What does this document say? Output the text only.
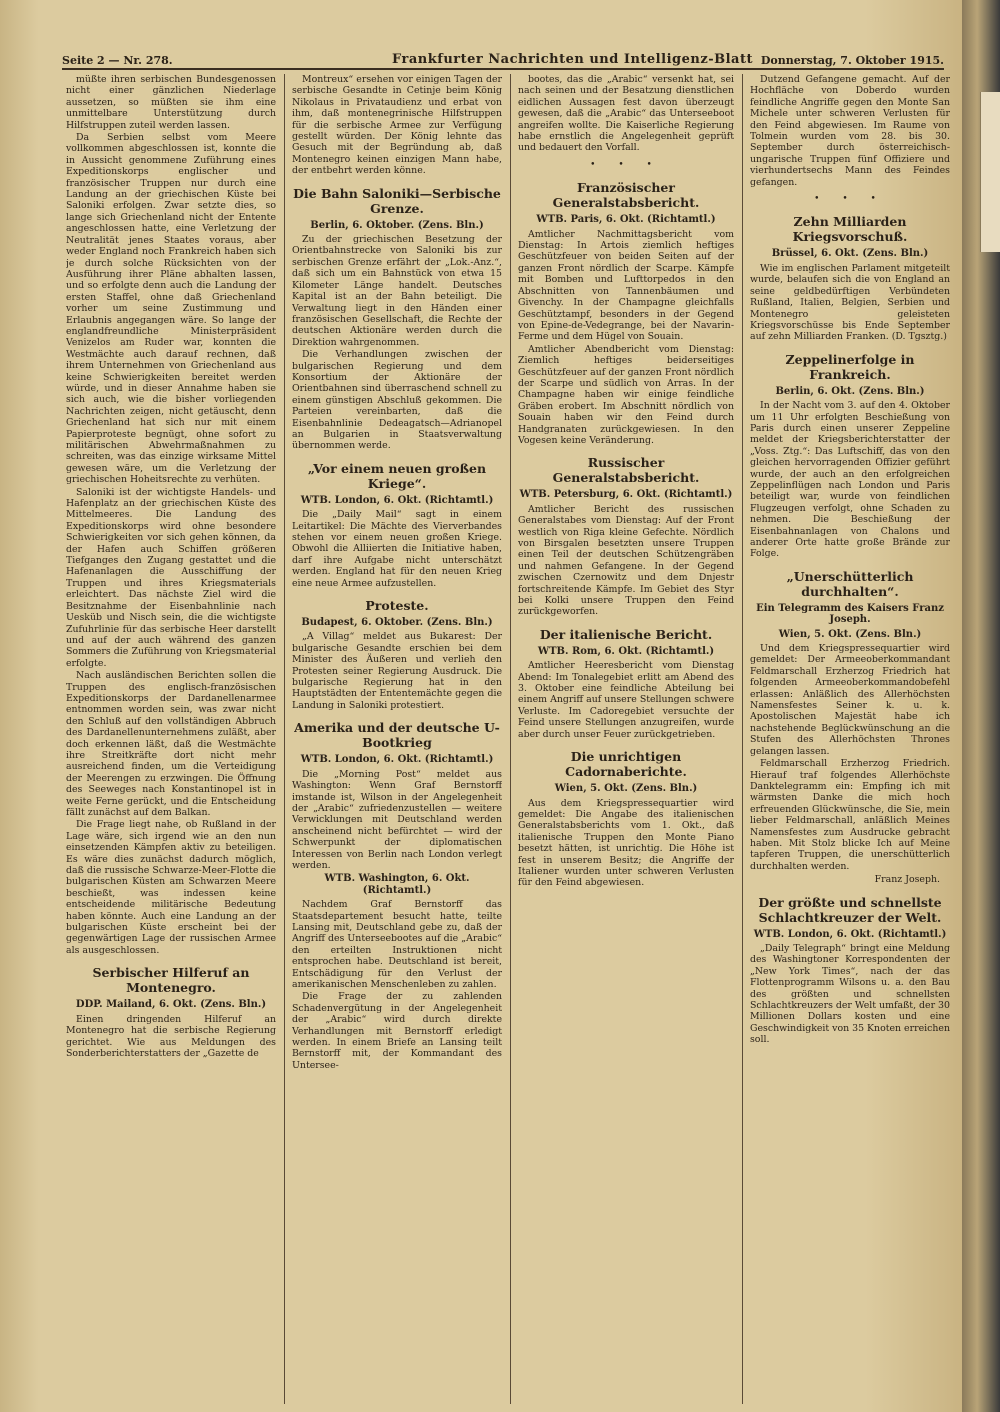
Seite 2 — Nr. 278.	Frankfurter Nachrichten und Intelligenz-Blatt Donnerstag, 7. Oktober 1915.

müßte ihren serbischen Bundesgenossen nicht einer gänzlichen Niederlage aussetzen, so müßten sie ihm eine unmittelbare Unterstützung durch Hilfstruppen zuteil werden lassen.

Da Serbien selbst vom Meere vollkommen abgeschlossen ist, konnte die in Aussicht genommene Zuführung eines Expeditionskorps englischer und französischer Truppen nur durch eine Landung an der griechischen Küste bei Saloniki erfolgen. Zwar setzte dies, so lange sich Griechenland nicht der Entente angeschlossen hatte, eine Verletzung der Neutralität jenes Staates voraus, aber weder England noch Frankreich haben sich je durch solche Rücksichten von der Ausführung ihrer Pläne abhalten lassen, und so erfolgte denn auch die Landung der ersten Staffel, ohne daß Griechenland vorher um seine Zustimmung und Erlaubnis angegangen wäre. So lange der englandfreundliche Ministerpräsident Venizelos am Ruder war, konnten die Westmächte auch darauf rechnen, daß ihrem Unternehmen von Griechenland aus keine Schwierigkeiten bereitet werden würde, und in dieser Annahme haben sie sich auch, wie die bisher vorliegenden Nachrichten zeigen, nicht getäuscht, denn Griechenland hat sich nur mit einem Papierproteste begnügt, ohne sofort zu militärischen Abwehrmaßnahmen zu schreiten, was das einzige wirksame Mittel gewesen wäre, um die Verletzung der griechischen Hoheitsrechte zu verhüten.

Saloniki ist der wichtigste Handels- und Hafenplatz an der griechischen Küste des Mittelmeeres. Die Landung des Expeditionskorps wird ohne besondere Schwierigkeiten vor sich gehen können, da der Hafen auch Schiffen größeren Tiefganges den Zugang gestattet und die Hafenanlagen die Ausschiffung der Truppen und ihres Kriegsmaterials erleichtert. Das nächste Ziel wird die Besitznahme der Eisenbahnlinie nach Uesküb und Nisch sein, die die wichtigste Zufuhrlinie für das serbische Heer darstellt und auf der auch während des ganzen Sommers die Zuführung von Kriegsmaterial erfolgte.

Nach ausländischen Berichten sollen die Truppen des englisch-französischen Expeditionskorps der Dardanellenarmee entnommen worden sein, was zwar nicht den Schluß auf den vollständigen Abbruch des Dardanellenunternehmens zuläßt, aber doch erkennen läßt, daß die Westmächte ihre Streitkräfte dort nicht mehr ausreichend finden, um die Verteidigung der Meerengen zu erzwingen. Die Öffnung des Seeweges nach Konstantinopel ist in weite Ferne gerückt, und die Entscheidung fällt zunächst auf dem Balkan.

Die Frage liegt nahe, ob Rußland in der Lage wäre, sich irgend wie an den nun einsetzenden Kämpfen aktiv zu beteiligen. Es wäre dies zunächst dadurch möglich, daß die russische Schwarze-Meer-Flotte die bulgarischen Küsten am Schwarzen Meere beschießt, was indessen keine entscheidende militärische Bedeutung haben könnte. Auch eine Landung an der bulgarischen Küste erscheint bei der gegenwärtigen Lage der russischen Armee als ausgeschlossen.

Serbischer Hilferuf an Montenegro.
DDP. Mailand, 6. Okt. (Zens. Bln.)

Einen dringenden Hilferuf an Montenegro hat die serbische Regierung gerichtet. Wie aus Meldungen des Sonderberichterstatters der „Gazette de

Montreux“ ersehen vor einigen Tagen der serbische Gesandte in Cetinje beim König Nikolaus in Privataudienz und erbat von ihm, daß montenegrinische Hilfstruppen für die serbische Armee zur Verfügung gestellt würden. Der König lehnte das Gesuch mit der Begründung ab, daß Montenegro keinen einzigen Mann habe, der entbehrt werden könne.

Die Bahn Saloniki—Serbische Grenze.
Berlin, 6. Oktober. (Zens. Bln.)

Zu der griechischen Besetzung der Orientbahnstrecke von Saloniki bis zur serbischen Grenze erfährt der „Lok.-Anz.“, daß sich um ein Bahnstück von etwa 15 Kilometer Länge handelt. Deutsches Kapital ist an der Bahn beteiligt. Die Verwaltung liegt in den Händen einer französischen Gesellschaft, die Rechte der deutschen Aktionäre werden durch die Direktion wahrgenommen.

Die Verhandlungen zwischen der bulgarischen Regierung und dem Konsortium der Aktionäre der Orientbahnen sind überraschend schnell zu einem günstigen Abschluß gekommen. Die Parteien vereinbarten, daß die Eisenbahnlinie Dedeagatsch—Adrianopel an Bulgarien in Staatsverwaltung übernommen werde.

„Vor einem neuen großen Kriege“.
WTB. London, 6. Okt. (Richtamtl.)

Die „Daily Mail“ sagt in einem Leitartikel: Die Mächte des Vierverbandes stehen vor einem neuen großen Kriege. Obwohl die Alliierten die Initiative haben, darf ihre Aufgabe nicht unterschätzt werden. England hat für den neuen Krieg eine neue Armee aufzustellen.

Proteste.
Budapest, 6. Oktober. (Zens. Bln.)

„A Villag“ meldet aus Bukarest: Der bulgarische Gesandte erschien bei dem Minister des Äußeren und verlieh den Protesten seiner Regierung Ausdruck. Die bulgarische Regierung hat in den Hauptstädten der Ententemächte gegen die Landung in Saloniki protestiert.

Amerika und der deutsche U-Bootkrieg
WTB. London, 6. Okt. (Richtamtl.)

Die „Morning Post“ meldet aus Washington: Wenn Graf Bernstorff imstande ist, Wilson in der Angelegenheit der „Arabic“ zufriedenzustellen — weitere Verwicklungen mit Deutschland werden anscheinend nicht befürchtet — wird der Schwerpunkt der diplomatischen Interessen von Berlin nach London verlegt werden.

WTB. Washington, 6. Okt. (Richtamtl.)

Nachdem Graf Bernstorff das Staatsdepartement besucht hatte, teilte Lansing mit, Deutschland gebe zu, daß der Angriff des Unterseebootes auf die „Arabic“ den erteilten Instruktionen nicht entsprochen habe. Deutschland ist bereit, Entschädigung für den Verlust der amerikanischen Menschenleben zu zahlen.

Die Frage der zu zahlenden Schadenvergütung in der Angelegenheit der „Arabic“ wird durch direkte Verhandlungen mit Bernstorff erledigt werden. In einem Briefe an Lansing teilt Bernstorff mit, der Kommandant des Untersee-

bootes, das die „Arabic“ versenkt hat, sei nach seinen und der Besatzung dienstlichen eidlichen Aussagen fest davon überzeugt gewesen, daß die „Arabic“ das Unterseeboot angreifen wollte. Die Kaiserliche Regierung habe ernstlich die Angelegenheit geprüft und bedauert den Vorfall.

• • •
Französischer Generalstabsbericht.
WTB. Paris, 6. Okt. (Richtamtl.)

Amtlicher Nachmittagsbericht vom Dienstag: In Artois ziemlich heftiges Geschützfeuer von beiden Seiten auf der ganzen Front nördlich der Scarpe. Kämpfe mit Bomben und Lufttorpedos in den Abschnitten von Tannenbäumen und Givenchy. In der Champagne gleichfalls Geschütztampf, besonders in der Gegend von Epine-de-Vedegrange, bei der Navarin-Ferme und dem Hügel von Souain.

Amtlicher Abendbericht vom Dienstag: Ziemlich heftiges beiderseitiges Geschützfeuer auf der ganzen Front nördlich der Scarpe und südlich von Arras. In der Champagne haben wir einige feindliche Gräben erobert. Im Abschnitt nördlich von Souain haben wir den Feind durch Handgranaten zurückgewiesen. In den Vogesen keine Veränderung.

Russischer Generalstabsbericht.
WTB. Petersburg, 6. Okt. (Richtamtl.)

Amtlicher Bericht des russischen Generalstabes vom Dienstag: Auf der Front westlich von Riga kleine Gefechte. Nördlich von Birsgalen besetzten unsere Truppen einen Teil der deutschen Schützengräben und nahmen Gefangene. In der Gegend zwischen Czernowitz und dem Dnjestr fortschreitende Kämpfe. Im Gebiet des Styr bei Kolki unsere Truppen den Feind zurückgeworfen.

Der italienische Bericht.
WTB. Rom, 6. Okt. (Richtamtl.)

Amtlicher Heeresbericht vom Dienstag Abend: Im Tonalegebiet erlitt am Abend des 3. Oktober eine feindliche Abteilung bei einem Angriff auf unsere Stellungen schwere Verluste. Im Cadoregebiet versuchte der Feind unsere Stellungen anzugreifen, wurde aber durch unser Feuer zurückgetrieben.

Die unrichtigen Cadornaberichte.
Wien, 5. Okt. (Zens. Bln.)

Aus dem Kriegspressequartier wird gemeldet: Die Angabe des italienischen Generalstabsberichts vom 1. Okt., daß italienische Truppen den Monte Piano besetzt hätten, ist unrichtig. Die Höhe ist fest in unserem Besitz; die Angriffe der Italiener wurden unter schweren Verlusten für den Feind abgewiesen.

Dutzend Gefangene gemacht. Auf der Hochfläche von Doberdo wurden feindliche Angriffe gegen den Monte San Michele unter schweren Verlusten für den Feind abgewiesen. Im Raume von Tolmein wurden vom 28. bis 30. September durch österreichisch-ungarische Truppen fünf Offiziere und vierhundertsechs Mann des Feindes gefangen.

• • •
Zehn Milliarden Kriegsvorschuß.
Brüssel, 6. Okt. (Zens. Bln.)

Wie im englischen Parlament mitgeteilt wurde, belaufen sich die von England an seine geldbedürftigen Verbündeten Rußland, Italien, Belgien, Serbien und Montenegro geleisteten Kriegsvorschüsse bis Ende September auf zehn Milliarden Franken. (D. Tgsztg.)

Zeppelinerfolge in Frankreich.
Berlin, 6. Okt. (Zens. Bln.)

In der Nacht vom 3. auf den 4. Oktober um 11 Uhr erfolgten Beschießung von Paris durch einen unserer Zeppeline meldet der Kriegsberichterstatter der „Voss. Ztg.“: Das Luftschiff, das von den gleichen hervorragenden Offizier geführt wurde, der auch an den erfolgreichen Zeppelinflügen nach London und Paris beteiligt war, wurde von feindlichen Flugzeugen verfolgt, ohne Schaden zu nehmen. Die Beschießung der Eisenbahnanlagen von Chalons und anderer Orte hatte große Brände zur Folge.

„Unerschütterlich durchhalten“.
Ein Telegramm des Kaisers Franz Joseph.
Wien, 5. Okt. (Zens. Bln.)

Und dem Kriegspressequartier wird gemeldet: Der Armeeoberkommandant Feldmarschall Erzherzog Friedrich hat folgenden Armeeoberkommandobefehl erlassen: Anläßlich des Allerhöchsten Namensfestes Seiner k. u. k. Apostolischen Majestät habe ich nachstehende Beglückwünschung an die Stufen des Allerhöchsten Thrones gelangen lassen.

Feldmarschall Erzherzog Friedrich. Hierauf traf folgendes Allerhöchste Danktelegramm ein: Empfing ich mit wärmsten Danke die mich hoch erfreuenden Glückwünsche, die Sie, mein lieber Feldmarschall, anläßlich Meines Namensfestes zum Ausdrucke gebracht haben. Mit Stolz blicke Ich auf Meine tapferen Truppen, die unerschütterlich durchhalten werden.

Franz Joseph.
Der größte und schnellste Schlachtkreuzer der Welt.
WTB. London, 6. Okt. (Richtamtl.)

„Daily Telegraph“ bringt eine Meldung des Washingtoner Korrespondenten der „New York Times“, nach der das Flottenprogramm Wilsons u. a. den Bau des größten und schnellsten Schlachtkreuzers der Welt umfaßt, der 30 Millionen Dollars kosten und eine Geschwindigkeit von 35 Knoten erreichen soll.
